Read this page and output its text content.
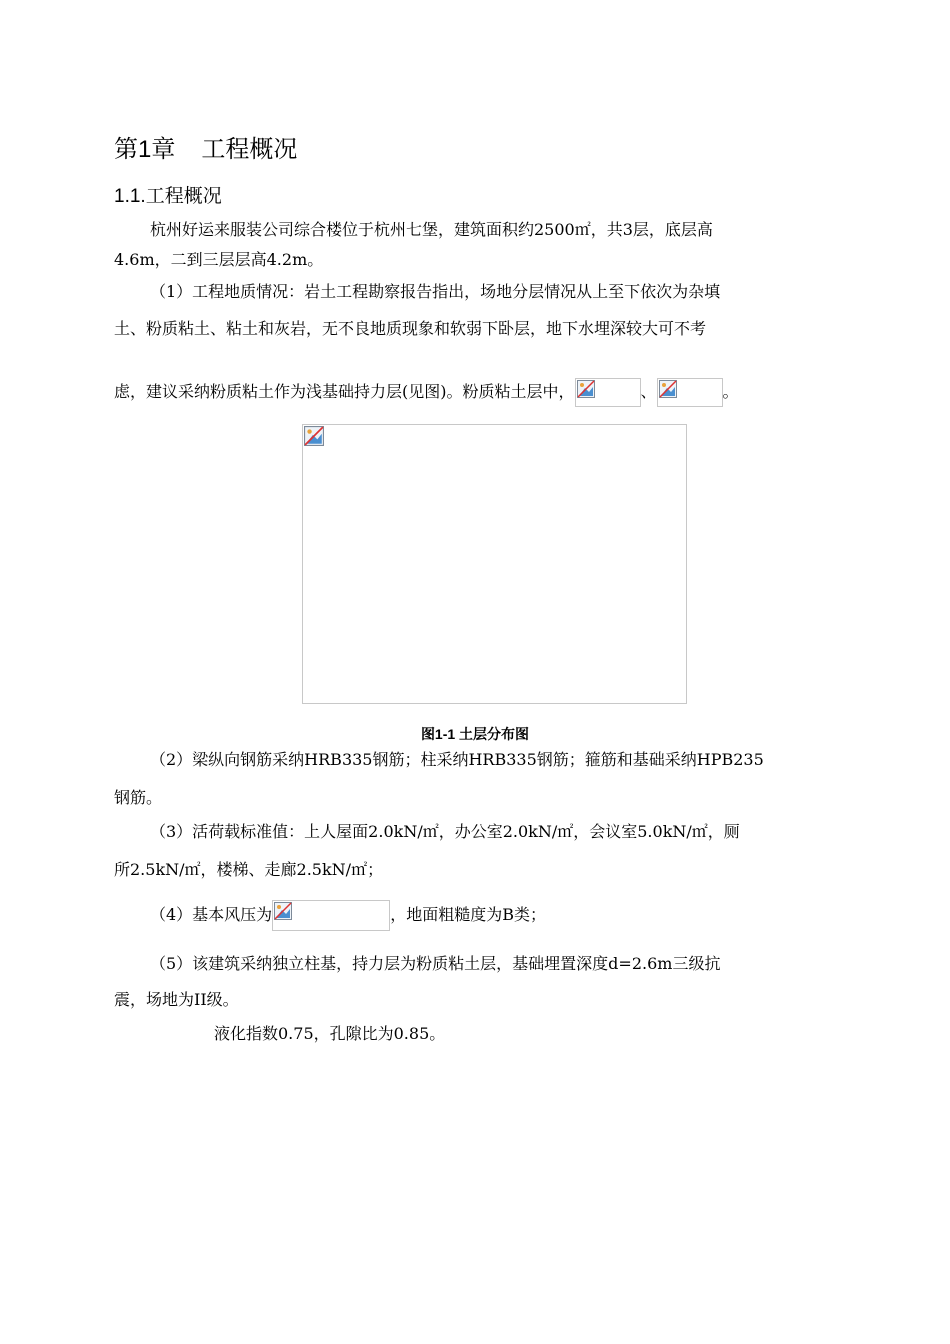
第1章 工程概况
1.1.工程概况
杭州好运来服装公司综合楼位于杭州七堡，建筑面积约2500㎡，共3层，底层高
4.6m，二到三层层高4.2m。
（1）工程地质情况：岩土工程勘察报告指出，场地分层情况从上至下依次为杂填
土、粉质粘土、粘土和灰岩，无不良地质现象和软弱下卧层，地下水埋深较大可不考
虑，建议采纳粉质粘土作为浅基础持力层(见图)。粉质粘土层中，	、	。
图1-1 土层分布图
（2）梁纵向钢筋采纳HRB335钢筋；柱采纳HRB335钢筋；箍筋和基础采纳HPB235
钢筋。
（3）活荷载标准值：上人屋面2.0kN/㎡，办公室2.0kN/㎡，会议室5.0kN/㎡，厕
所2.5kN/㎡，楼梯、走廊2.5kN/㎡；
（4）基本风压为	，地面粗糙度为B类；
（5）该建筑采纳独立柱基，持力层为粉质粘土层，基础埋置深度d=2.6m三级抗
震，场地为II级。
液化指数0.75，孔隙比为0.85。
